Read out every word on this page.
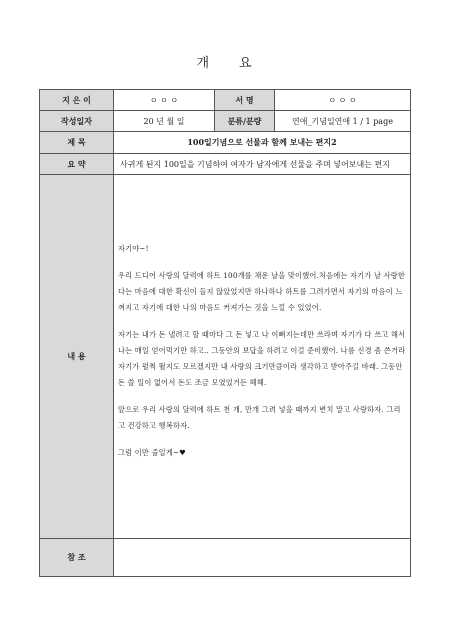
개 요
지 은 이	ㅇ ㅇ ㅇ	서 명	ㅇ ㅇ ㅇ
작성일자	20 년 월 일	분류/분량	연애_기념일연애 1 / 1 page
제 목	100일기념으로 선물과 함께 보내는 편지2		
요 약	사귀게 된지 100일을 기념하여 여자가 남자에게 선물을 주며 넣어보내는 편지		
내 용	자기야~!

우리 드디어 사랑의 달력에 하트 100개를 채운 날을 맞이했어.처음에는 자기가 날 사랑한다는 마음에 대한 확신이 들지 않았었지만 하나하나 하트를 그려가면서 자기의 마음이 느껴지고 자기에 대한 나의 마음도 커져가는 것을 느낄 수 있었어.

자기는 내가 돈 낼려고 할 때마다 그 돈 넣고 나 이뻐지는데만 쓰라며 자기가 다 쓰고 해서 나는 매일 얻어먹기만 하고.. 그동안의 보답을 하려고 이걸 준비했어. 나름 신경 좀 쓴거라 자기가 펄쩍 뛸지도 모르겠지만 내 사랑의 크기만큼이라 생각하고 받아주길 바래. 그동안 돈 쓸 일이 없어서 돈도 조금 모였었거든 헤헤.

앞으로 우리 사랑의 달력에 하트 천 개, 만개 그려 넣을 때까지 변치 말고 사랑하자. 그리고 건강하고 행복하자.

그럼 이만 줄일게~♥		

참 조			
